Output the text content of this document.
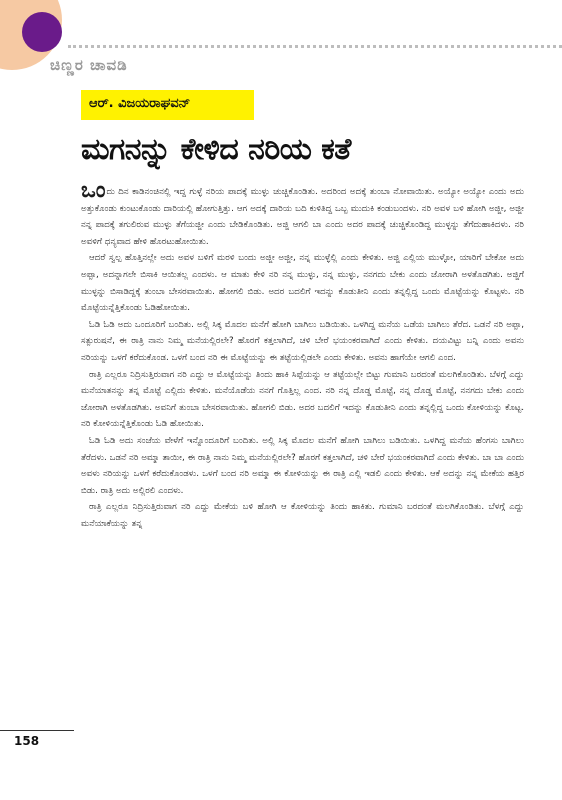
ಚಿಣ್ಣರ ಚಾವಡಿ
ಆರ್. ವಿಜಯರಾಘವನ್
ಮಗನನ್ನು ಕೇಳಿದ ನರಿಯ ಕತೆ

ಒಂದು ದಿನ ಕಾಡಿನಂಚಿನಲ್ಲಿ ಇದ್ದ ಗುಳ್ಳೆ ನರಿಯ ಪಾದಕ್ಕೆ ಮುಳ್ಳು ಚುಚ್ಚಿಕೊಂಡಿತು. ಅದರಿಂದ ಅದಕ್ಕೆ ತುಂಬಾ ನೋವಾಯಿತು. ಅಯ್ಯೋ ಅಯ್ಯೋ ಎಂದು ಅದು ಅತ್ತುಕೊಂಡು ಕುಂಟುಕೊಂಡು ದಾರಿಯಲ್ಲಿ ಹೋಗುತ್ತಿತ್ತು. ಆಗ ಅದಕ್ಕೆ ದಾರಿಯ ಬದಿ ಕುಳಿತಿದ್ದ ಒಬ್ಬ ಮುದುಕಿ ಕಂಡುಬಂದಳು. ನರಿ ಅವಳ ಬಳಿ ಹೋಗಿ ಅಜ್ಜೀ, ಅಜ್ಜೀ ನನ್ನ ಪಾದಕ್ಕೆ ತಗುಲಿರುವ ಮುಳ್ಳು ತೆಗೆಯಜ್ಜೀ ಎಂದು ಬೇಡಿಕೊಂಡಿತು. ಅಜ್ಜಿ ಆಗಲಿ ಬಾ ಎಂದು ಅದರ ಪಾದಕ್ಕೆ ಚುಚ್ಚಿಕೊಂಡಿದ್ದ ಮುಳ್ಳನ್ನು ತೆಗೆದುಹಾಕಿದಳು. ನರಿ ಅವಳಿಗೆ ಧನ್ಯವಾದ ಹೇಳಿ ಹೊರಟುಹೋಯಿತು.

ಆದರೆ ಸ್ವಲ್ಪ ಹೊತ್ತಿನಲ್ಲೇ ಅದು ಅವಳ ಬಳಿಗೆ ಮರಳಿ ಬಂದು ಅಜ್ಜೀ ಅಜ್ಜೀ, ನನ್ನ ಮುಳ್ಳೆಲ್ಲಿ ಎಂದು ಕೇಳಿತು. ಅಜ್ಜಿ ಎಲ್ಲಿಯ ಮುಳ್ಳೋ, ಯಾರಿಗೆ ಬೇಕೋ ಅದು ಅಪ್ಪಾ, ಅದನ್ನಾಗಲೇ ಬಿಸಾಕಿ ಆಯಿತಲ್ಲ ಎಂದಳು. ಆ ಮಾತು ಕೇಳಿ ನರಿ ನನ್ನ ಮುಳ್ಳು, ನನ್ನ ಮುಳ್ಳು, ನನಗದು ಬೇಕು ಎಂದು ಜೋರಾಗಿ ಅಳತೊಡಗಿತು. ಅಜ್ಜಿಗೆ ಮುಳ್ಳನ್ನು ಬಿಸಾಡಿದ್ದಕ್ಕೆ ತುಂಬಾ ಬೇಸರವಾಯಿತು. ಹೋಗಲಿ ಬಿಡು. ಅದರ ಬದಲಿಗೆ ಇದನ್ನು ಕೊಡುತೀನಿ ಎಂದು ತನ್ನಲ್ಲಿದ್ದ ಒಂದು ಮೊಟ್ಟೆಯನ್ನು ಕೊಟ್ಟಳು. ನರಿ ಮೊಟ್ಟೆಯನ್ನೆತ್ತಿಕೊಂಡು ಓಡಿಹೋಯಿತು.

ಓಡಿ ಓಡಿ ಅದು ಒಂದೂರಿಗೆ ಬಂದಿತು. ಅಲ್ಲಿ ಸಿಕ್ಕ ಮೊದಲ ಮನೆಗೆ ಹೋಗಿ ಬಾಗಿಲು ಬಡಿಯಿತು. ಒಳಗಿದ್ದ ಮನೆಯ ಒಡೆಯ ಬಾಗಿಲು ತೆರೆದ. ಒಡನೆ ನರಿ ಅಪ್ಪಾ, ಸತ್ಪುರುಷನೆ, ಈ ರಾತ್ರಿ ನಾನು ನಿಮ್ಮ ಮನೆಯಲ್ಲಿರಲೇ? ಹೊರಗೆ ಕತ್ತಲಾಗಿದೆ, ಚಳಿ ಬೇರೆ ಭಯಂಕರವಾಗಿದೆ ಎಂದು ಕೇಳಿತು. ದಯವಿಟ್ಟು ಬನ್ನಿ ಎಂದು ಅವನು ನರಿಯನ್ನು ಒಳಗೆ ಕರೆದುಕೊಂಡ. ಒಳಗೆ ಬಂದ ನರಿ ಈ ಮೊಟ್ಟೆಯನ್ನು ಈ ತಟ್ಟೆಯಲ್ಲಿಡಲೇ ಎಂದು ಕೇಳಿತು. ಅವನು ಹಾಗೆಯೇ ಆಗಲಿ ಎಂದ.

ರಾತ್ರಿ ಎಲ್ಲರೂ ನಿದ್ರಿಸುತ್ತಿರುವಾಗ ನರಿ ಎದ್ದು ಆ ಮೊಟ್ಟೆಯನ್ನು ತಿಂದು ಹಾಕಿ ಸಿಪ್ಪೆಯನ್ನು ಆ ತಟ್ಟೆಯಲ್ಲೇ ಬಿಟ್ಟು ಗುಮಾನಿ ಬರದಂತೆ ಮಲಗಿಕೊಂಡಿತು. ಬೆಳಗ್ಗೆ ಎದ್ದು ಮನೆಯಾತನನ್ನು ತನ್ನ ಮೊಟ್ಟೆ ಎಲ್ಲಿದು ಕೇಳಿತು. ಮನೆಯೊಡೆಯ ನನಗೆ ಗೊತ್ತಿಲ್ಲ ಎಂದ. ನರಿ ನನ್ನ ದೊಡ್ಡ ಮೊಟ್ಟೆ, ನನ್ನ ದೊಡ್ಡ ಮೊಟ್ಟೆ, ನನಗದು ಬೇಕು ಎಂದು ಜೋರಾಗಿ ಅಳತೊಡಗಿತು. ಅವನಿಗೆ ತುಂಬಾ ಬೇಸರವಾಯಿತು. ಹೋಗಲಿ ಬಿಡು. ಅದರ ಬದಲಿಗೆ ಇದನ್ನು ಕೊಡುತೀನಿ ಎಂದು ತನ್ನಲ್ಲಿದ್ದ ಒಂದು ಕೋಳಿಯನ್ನು ಕೊಟ್ಟ. ನರಿ ಕೋಳಿಯನ್ನೆತ್ತಿಕೊಂಡು ಓಡಿ ಹೋಯಿತು.

ಓಡಿ ಓಡಿ ಅದು ಸಂಜೆಯ ವೇಳೆಗೆ ಇನ್ನೊಂದೂರಿಗೆ ಬಂದಿತು. ಅಲ್ಲಿ ಸಿಕ್ಕ ಮೊದಲ ಮನೆಗೆ ಹೋಗಿ ಬಾಗಿಲು ಬಡಿಯಿತು. ಒಳಗಿದ್ದ ಮನೆಯ ಹೆಂಗಸು ಬಾಗಿಲು ತೆರೆದಳು. ಒಡನೆ ನರಿ ಅಮ್ಮಾ ತಾಯೀ, ಈ ರಾತ್ರಿ ನಾನು ನಿಮ್ಮ ಮನೆಯಲ್ಲಿರಲೇ? ಹೊರಗೆ ಕತ್ತಲಾಗಿದೆ, ಚಳಿ ಬೇರೆ ಭಯಂಕರವಾಗಿದೆ ಎಂದು ಕೇಳಿತು. ಬಾ ಬಾ ಎಂದು ಅವಳು ನರಿಯನ್ನು ಒಳಗೆ ಕರೆದುಕೊಂಡಳು. ಒಳಗೆ ಬಂದ ನರಿ ಅಮ್ಮಾ ಈ ಕೋಳಿಯನ್ನು ಈ ರಾತ್ರಿ ಎಲ್ಲಿ ಇಡಲಿ ಎಂದು ಕೇಳಿತು. ಆಕೆ ಅದನ್ನು ನನ್ನ ಮೇಕೆಯ ಹತ್ತಿರ ಬಿಡು. ರಾತ್ರಿ ಅದು ಅಲ್ಲಿರಲಿ ಎಂದಳು.

ರಾತ್ರಿ ಎಲ್ಲರೂ ನಿದ್ರಿಸುತ್ತಿರುವಾಗ ನರಿ ಎದ್ದು ಮೇಕೆಯ ಬಳಿ ಹೋಗಿ ಆ ಕೋಳಿಯನ್ನು ತಿಂದು ಹಾಕಿತು. ಗುಮಾನಿ ಬರದಂತೆ ಮಲಗಿಕೊಂಡಿತು. ಬೆಳಗ್ಗೆ ಎದ್ದು ಮನೆಯಾಕೆಯನ್ನು ತನ್ನ

158
